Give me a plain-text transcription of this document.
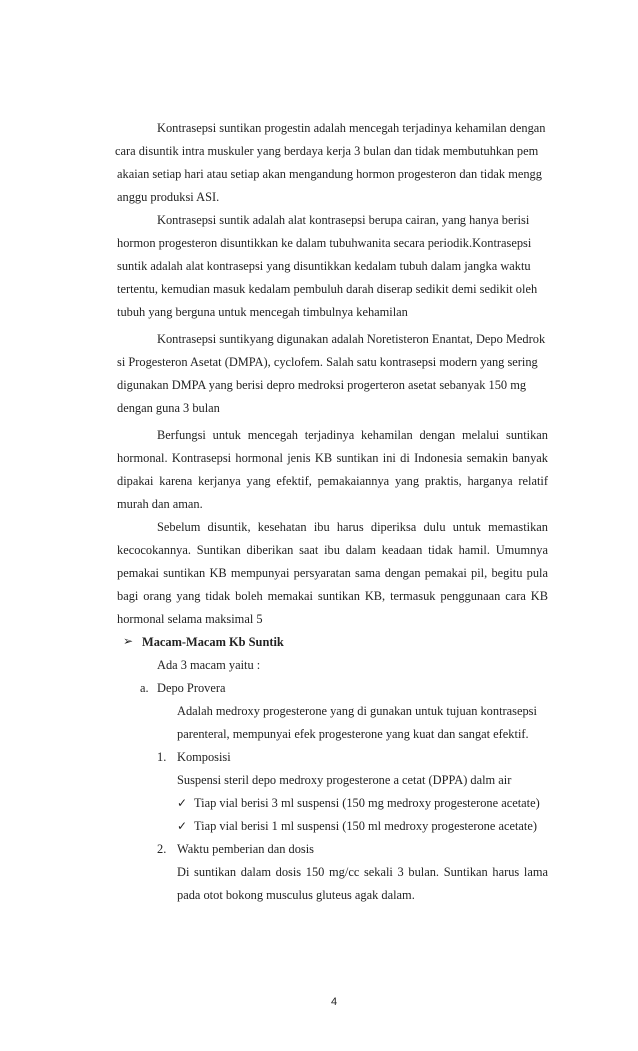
Kontrasepsi suntikan progestin adalah mencegah terjadinya kehamilan dengan
cara disuntik intra muskuler yang berdaya kerja 3 bulan dan tidak membutuhkan pem
akaian setiap hari atau setiap akan mengandung hormon progesteron dan tidak mengg
anggu produksi ASI.
Kontrasepsi suntik adalah alat kontrasepsi berupa cairan, yang hanya berisi
hormon progesteron disuntikkan ke dalam tubuhwanita secara periodik.Kontrasepsi
suntik adalah alat kontrasepsi yang disuntikkan kedalam tubuh dalam jangka waktu
tertentu, kemudian masuk kedalam pembuluh darah diserap sedikit demi sedikit oleh
tubuh yang berguna untuk mencegah timbulnya kehamilan
Kontrasepsi suntikyang digunakan adalah Noretisteron Enantat, Depo Medrok
si Progesteron Asetat (DMPA), cyclofem. Salah satu kontrasepsi modern yang sering
digunakan DMPA yang berisi depro medroksi progerteron asetat sebanyak 150 mg
dengan guna 3 bulan
Berfungsi untuk mencegah terjadinya kehamilan dengan melalui suntikan
hormonal. Kontrasepsi hormonal jenis KB suntikan ini di Indonesia semakin banyak
dipakai karena kerjanya yang efektif, pemakaiannya yang praktis, harganya relatif
murah dan aman.
Sebelum disuntik, kesehatan ibu harus diperiksa dulu untuk memastikan
kecocokannya. Suntikan diberikan saat ibu dalam keadaan tidak hamil. Umumnya
pemakai suntikan KB mempunyai persyaratan sama dengan pemakai pil, begitu pula
bagi orang yang tidak boleh memakai suntikan KB, termasuk penggunaan cara KB
hormonal selama maksimal 5
➢ Macam-Macam Kb Suntik
Ada 3 macam yaitu :
a. Depo Provera
Adalah medroxy progesterone yang di gunakan untuk tujuan kontrasepsi
parenteral, mempunyai efek progesterone yang kuat dan sangat efektif.
1. Komposisi
Suspensi steril depo medroxy progesterone a cetat (DPPA) dalm air
✓ Tiap vial berisi 3 ml suspensi (150 mg medroxy progesterone acetate)
✓ Tiap vial berisi 1 ml suspensi (150 ml medroxy progesterone acetate)
2. Waktu pemberian dan dosis
Di suntikan dalam dosis 150 mg/cc sekali 3 bulan. Suntikan harus lama
pada otot bokong musculus gluteus agak dalam.
4
